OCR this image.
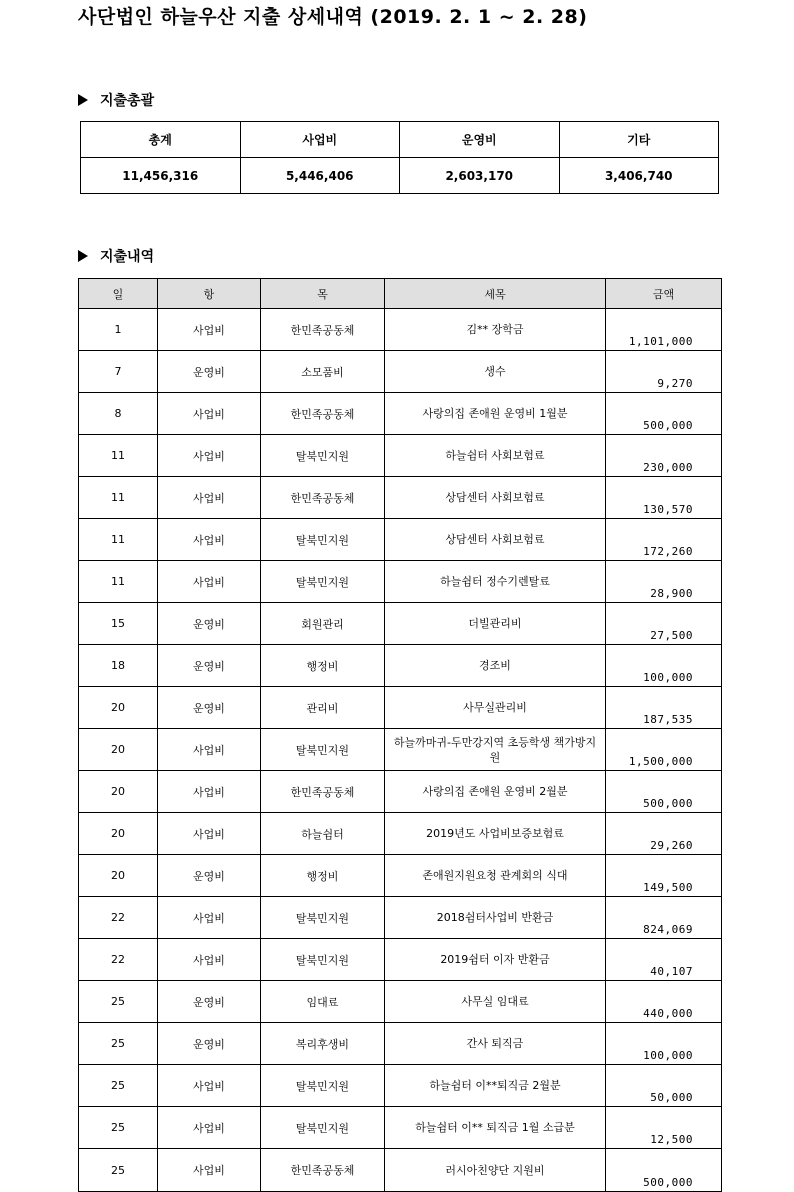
사단법인 하늘우산 지출 상세내역 (2019. 2. 1 ~ 2. 28)
지출총괄
총계	사업비	운영비	기타
11,456,316	5,446,406	2,603,170	3,406,740
지출내역
일	항	목	세목	금액
1	사업비	한민족공동체	김** 장학금	1,101,000
7	운영비	소모품비	생수	9,270
8	사업비	한민족공동체	사랑의집 존애원 운영비 1월분	500,000
11	사업비	탈북민지원	하늘쉼터 사회보험료	230,000
11	사업비	한민족공동체	상담센터 사회보험료	130,570
11	사업비	탈북민지원	상담센터 사회보험료	172,260
11	사업비	탈북민지원	하늘쉼터 정수기렌탈료	28,900
15	운영비	회원관리	더빌관리비	27,500
18	운영비	행정비	경조비	100,000
20	운영비	관리비	사무실관리비	187,535
20	사업비	탈북민지원	하늘까마귀-두만강지역 초등학생 책가방지원	1,500,000
20	사업비	한민족공동체	사랑의집 존애원 운영비 2월분	500,000
20	사업비	하늘쉼터	2019년도 사업비보증보험료	29,260
20	운영비	행정비	존애원지원요청 관계회의 식대	149,500
22	사업비	탈북민지원	2018쉼터사업비 반환금	824,069
22	사업비	탈북민지원	2019쉼터 이자 반환금	40,107
25	운영비	임대료	사무실 임대료	440,000
25	운영비	복리후생비	간사 퇴직금	100,000
25	사업비	탈북민지원	하늘쉼터 이**퇴직금 2월분	50,000
25	사업비	탈북민지원	하늘쉼터 이** 퇴직금 1월 소급분	12,500
25	사업비	한민족공동체	러시아친양단 지원비	500,000
